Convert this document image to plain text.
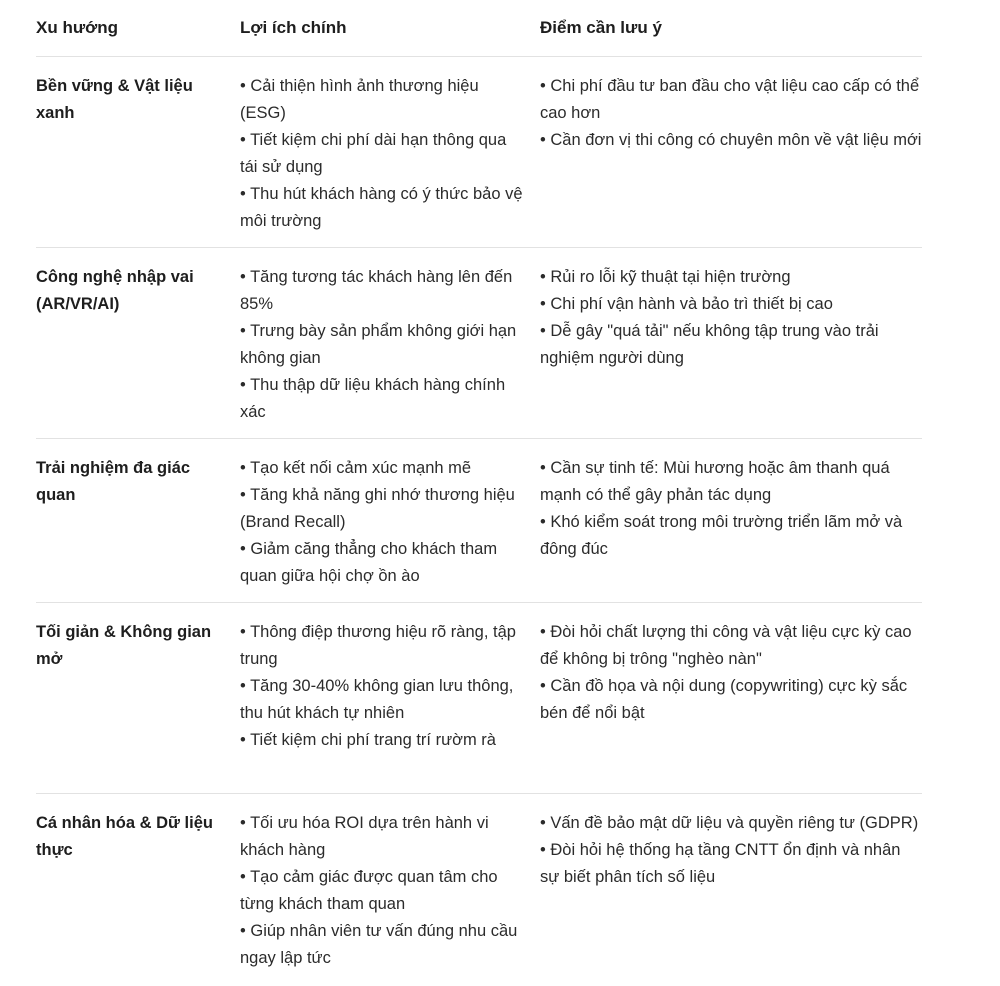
Xu hướng	Lợi ích chính	Điểm cần lưu ý
Bền vững & Vật liệu xanh
• Cải thiện hình ảnh thương hiệu (ESG)
• Tiết kiệm chi phí dài hạn thông qua tái sử dụng
• Thu hút khách hàng có ý thức bảo vệ môi trường
• Chi phí đầu tư ban đầu cho vật liệu cao cấp có thể cao hơn
• Cần đơn vị thi công có chuyên môn về vật liệu mới
Công nghệ nhập vai (AR/VR/AI)
• Tăng tương tác khách hàng lên đến 85%
• Trưng bày sản phẩm không giới hạn không gian
• Thu thập dữ liệu khách hàng chính xác
• Rủi ro lỗi kỹ thuật tại hiện trường
• Chi phí vận hành và bảo trì thiết bị cao
• Dễ gây "quá tải" nếu không tập trung vào trải nghiệm người dùng
Trải nghiệm đa giác quan
• Tạo kết nối cảm xúc mạnh mẽ
• Tăng khả năng ghi nhớ thương hiệu (Brand Recall)
• Giảm căng thẳng cho khách tham quan giữa hội chợ ồn ào
• Cần sự tinh tế: Mùi hương hoặc âm thanh quá mạnh có thể gây phản tác dụng
• Khó kiểm soát trong môi trường triển lãm mở và đông đúc
Tối giản & Không gian mở
• Thông điệp thương hiệu rõ ràng, tập trung
• Tăng 30-40% không gian lưu thông, thu hút khách tự nhiên
• Tiết kiệm chi phí trang trí rườm rà
• Đòi hỏi chất lượng thi công và vật liệu cực kỳ cao để không bị trông "nghèo nàn"
• Cần đồ họa và nội dung (copywriting) cực kỳ sắc bén để nổi bật
Cá nhân hóa & Dữ liệu thực
• Tối ưu hóa ROI dựa trên hành vi khách hàng
• Tạo cảm giác được quan tâm cho từng khách tham quan
• Giúp nhân viên tư vấn đúng nhu cầu ngay lập tức
• Vấn đề bảo mật dữ liệu và quyền riêng tư (GDPR)
• Đòi hỏi hệ thống hạ tầng CNTT ổn định và nhân sự biết phân tích số liệu
